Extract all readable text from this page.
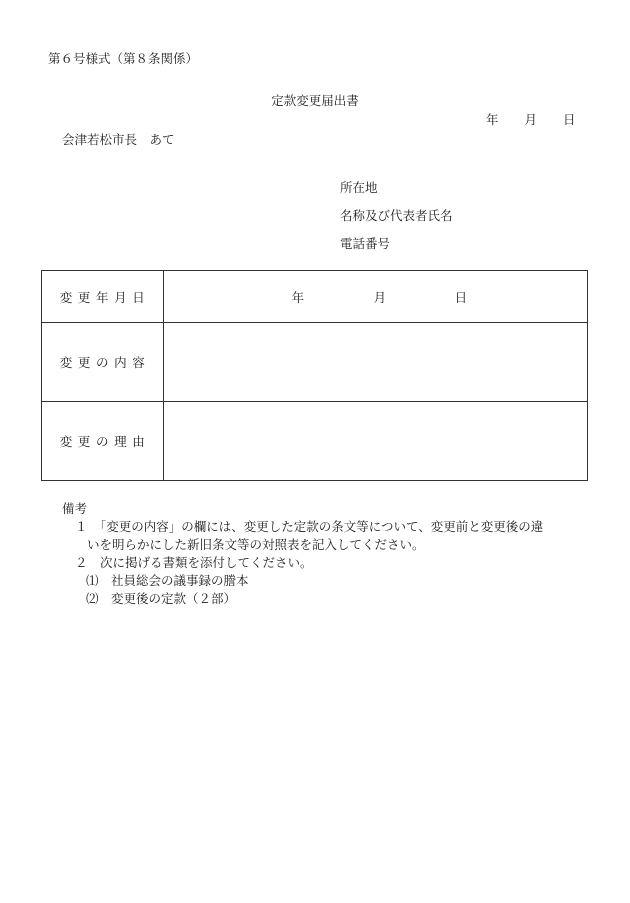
第６号様式（第８条関係）
定款変更届出書
年 月 日
会津若松市長　あて
所在地
名称及び代表者氏名
電話番号
変更年月日	年 月 日

変更の内容	
変更の理由	
備考
１　「変更の内容」の欄には、変更した定款の条文等について、変更前と変更後の違
いを明らかにした新旧条文等の対照表を記入してください。
２　次に掲げる書類を添付してください。
⑴　社員総会の議事録の謄本
⑵　変更後の定款（２部）
